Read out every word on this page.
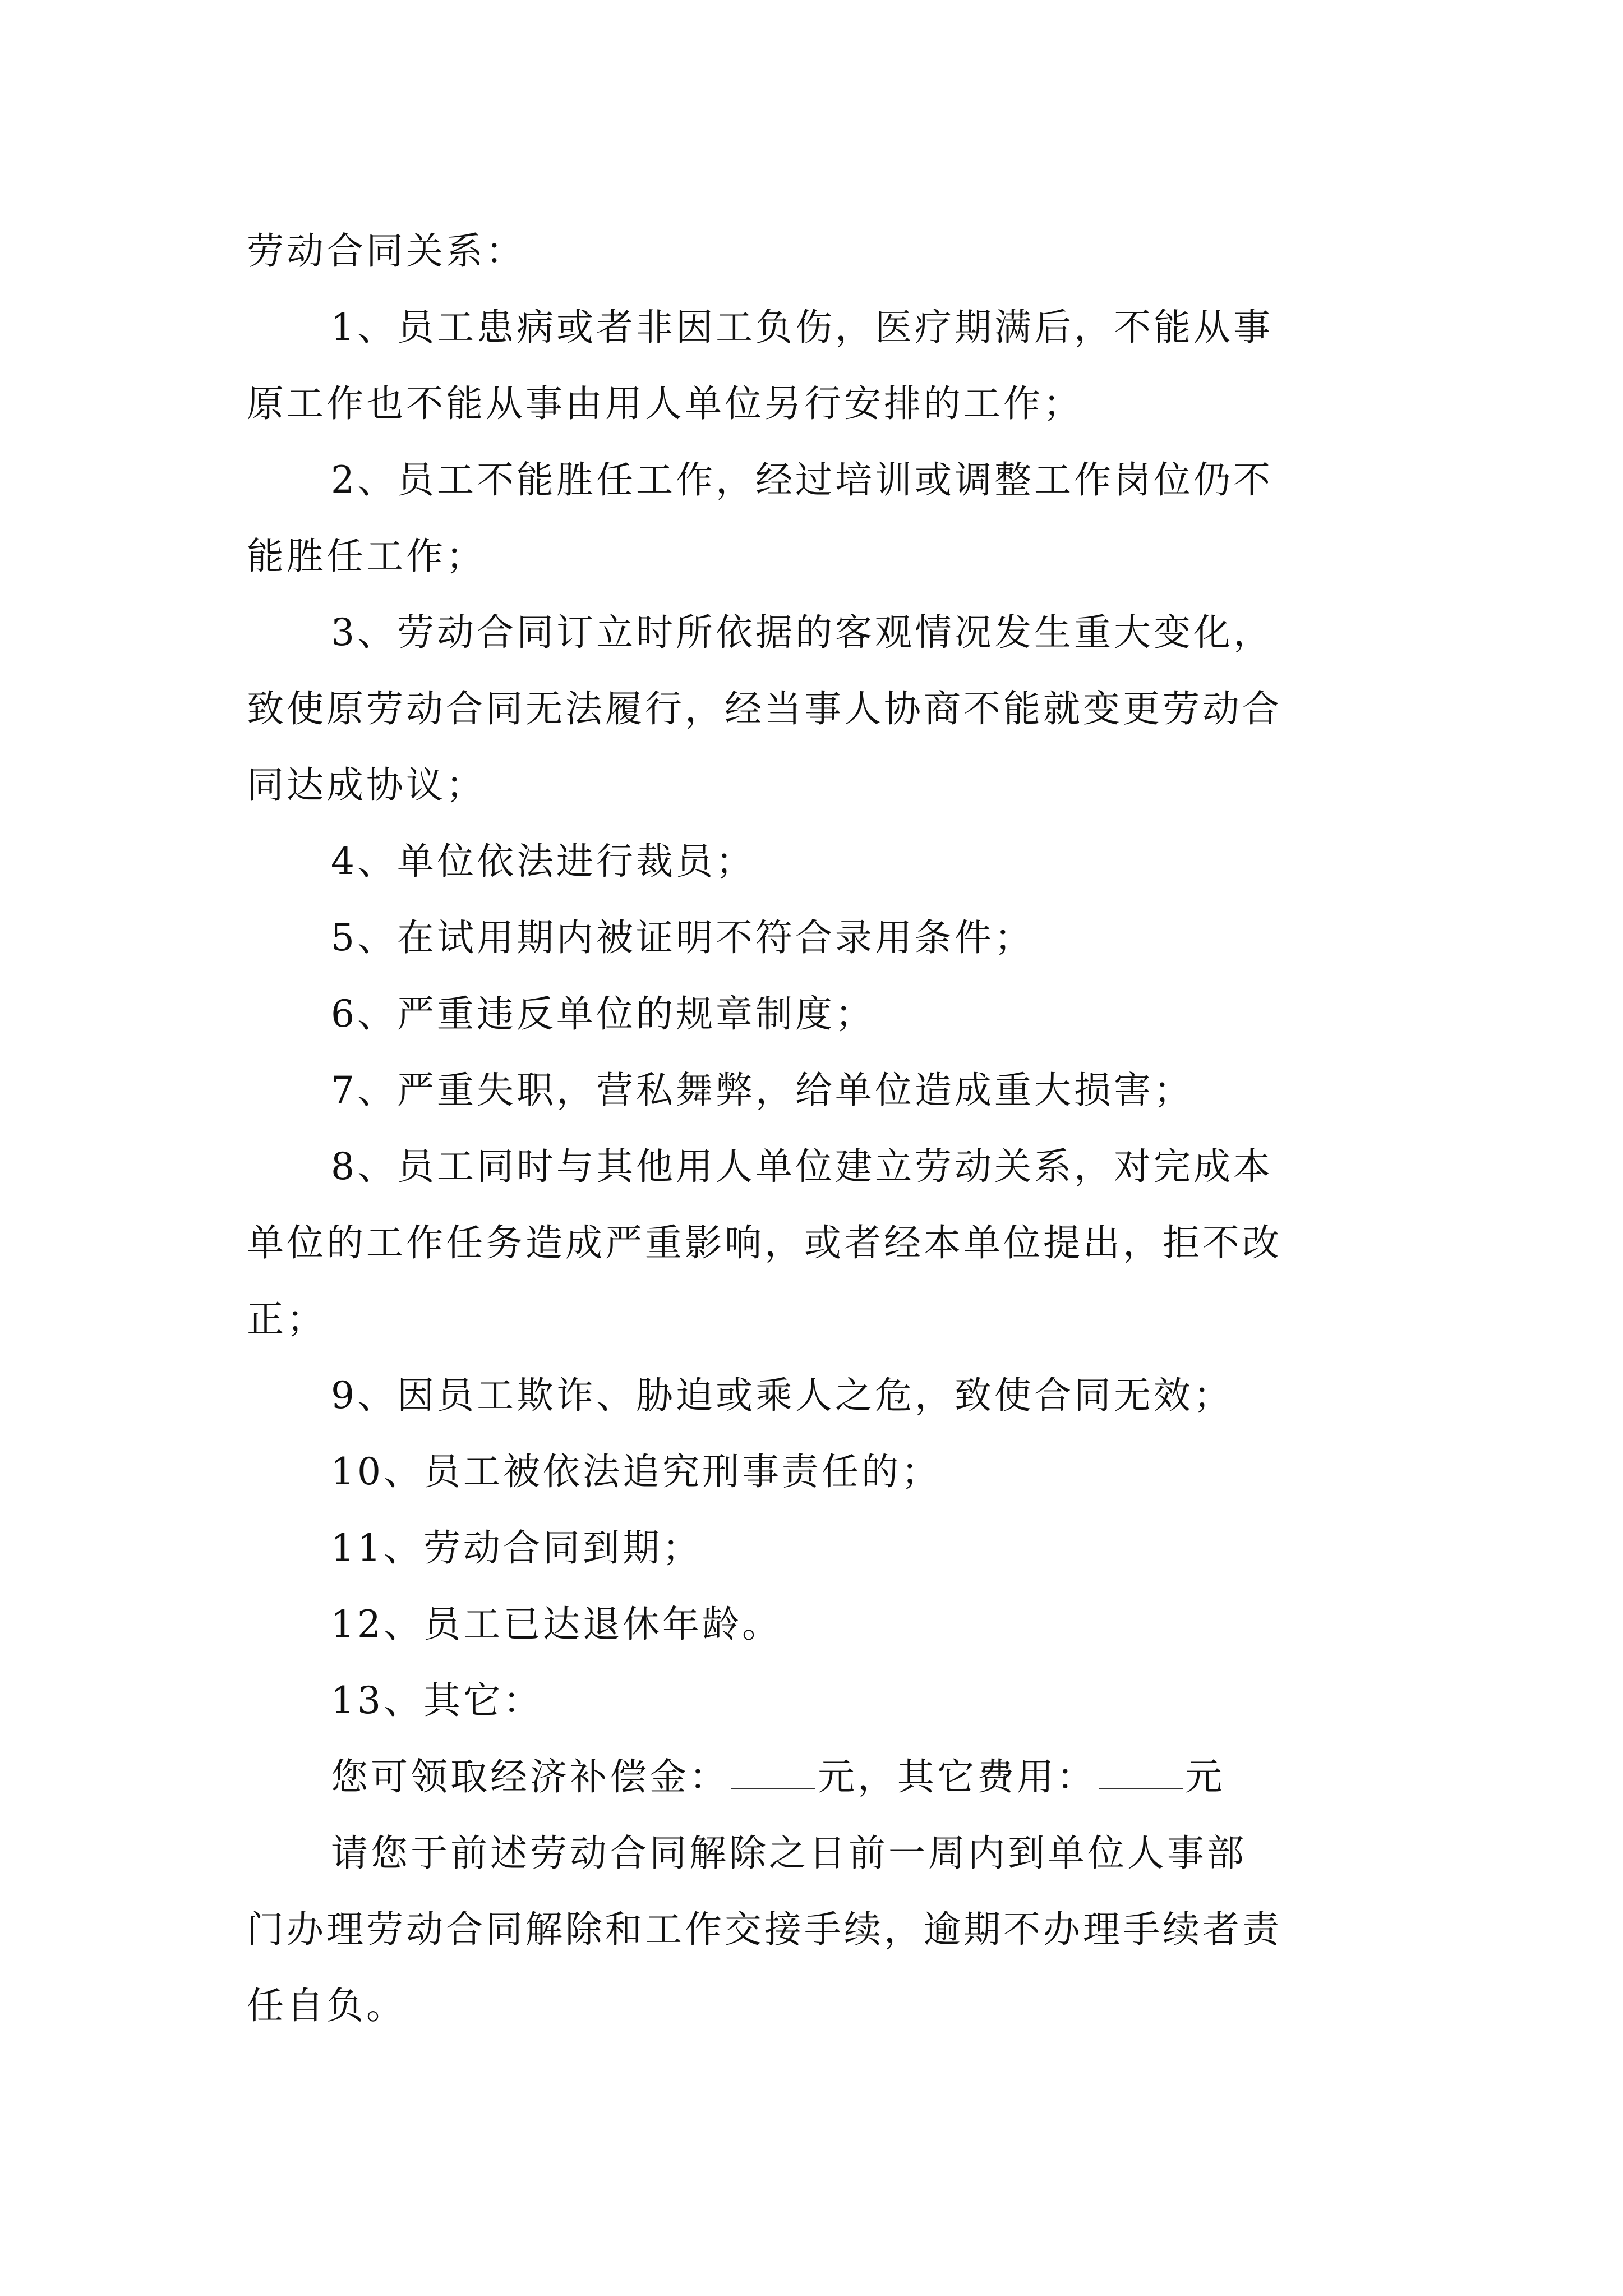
劳动合同关系：
1、员工患病或者非因工负伤，医疗期满后，不能从事
原工作也不能从事由用人单位另行安排的工作；
2、员工不能胜任工作，经过培训或调整工作岗位仍不
能胜任工作；
3、劳动合同订立时所依据的客观情况发生重大变化，
致使原劳动合同无法履行，经当事人协商不能就变更劳动合
同达成协议；
4、单位依法进行裁员；
5、在试用期内被证明不符合录用条件；
6、严重违反单位的规章制度；
7、严重失职，营私舞弊，给单位造成重大损害；
8、员工同时与其他用人单位建立劳动关系，对完成本
单位的工作任务造成严重影响，或者经本单位提出，拒不改
正；
9、因员工欺诈、胁迫或乘人之危，致使合同无效；
10、员工被依法追究刑事责任的；
11、劳动合同到期；
12、员工已达退休年龄。
13、其它：
您可领取经济补偿金： 元，其它费用： 元
请您于前述劳动合同解除之日前一周内到单位人事部
门办理劳动合同解除和工作交接手续，逾期不办理手续者责
任自负。
